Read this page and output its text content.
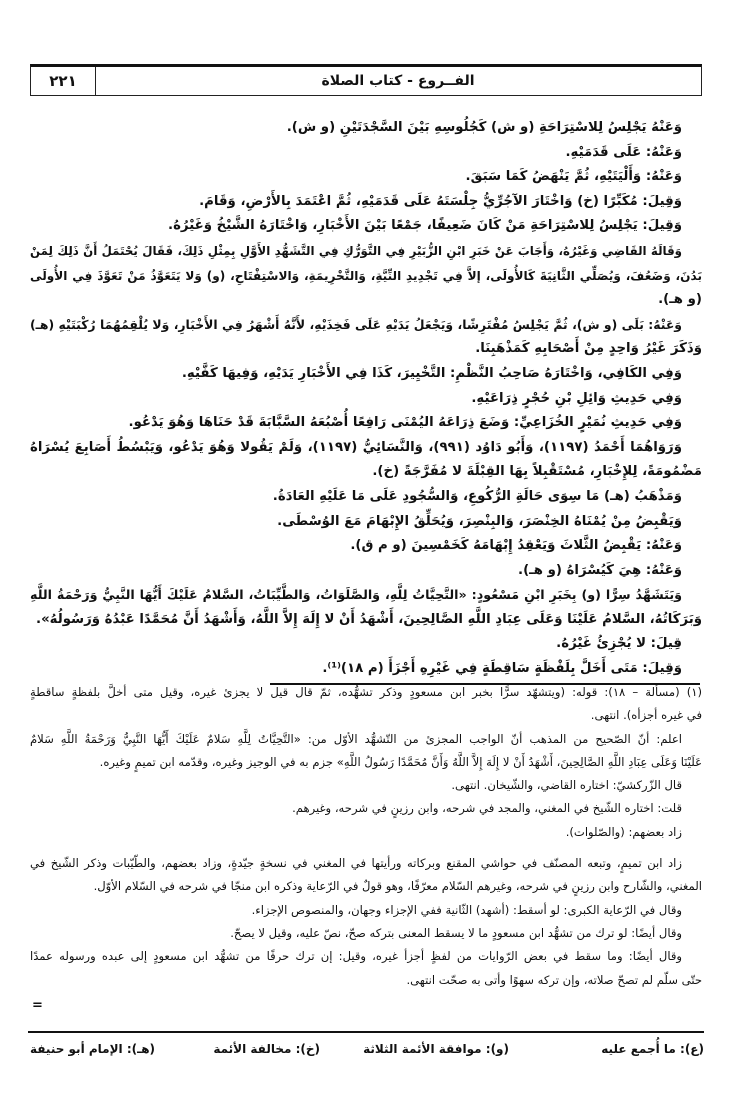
٢٢١	الفــروع - كتاب الصلاة
وَعَنْهُ يَجْلِسُ لِلاسْتِرَاحَةِ (و ش) كَجُلُوسِهِ بَيْنَ السَّجْدَتَيْنِ (و ش).
وَعَنْهُ: عَلَى قَدَمَيْهِ.
وَعَنْهُ: وَأَلْيَتَيْهِ، ثُمَّ يَنْهَضُ كَمَا سَبَقَ.
وَقِيلَ: مُكَبِّرًا (خ) وَاخْتَارَ الآجُرِّيُّ جِلْسَتَهُ عَلَى قَدَمَيْهِ، ثُمَّ اعْتَمَدَ بِالأَرْضِ، وَقَامَ.
وَقِيلَ: يَجْلِسُ لِلاسْتِرَاحَةِ مَنْ كَانَ ضَعِيفًا، جَمْعًا بَيْنَ الأَخْبَارِ، وَاخْتَارَهُ الشَّيْخُ وَغَيْرُهُ.
وَقَالَهُ القَاضِي وَغَيْرُهُ، وَأَجَابَ عَنْ خَبَرِ ابْنِ الزُّبَيْرِ فِي التَّوَرُّكِ فِي التَّشَهُّدِ الأَوَّلِ بِمِثْلِ ذَلِكَ، فَقَالَ يُحْتَمَلُ أَنَّ ذَلِكَ لِمَنْ
بَدُنَ، وَضَعُفَ، وَيُصَلِّي الثَّانِيَةَ كَالأُولَى، إلاَّ فِي تَجْدِيدِ النِّيَّةِ، وَالتَّحْرِيمَةِ، وَالاسْتِفْتَاحِ، (و) وَلا يَتَعَوَّذُ مَنْ تَعَوَّذَ فِي الأُولَى
(و هـ).
وَعَنْهُ: بَلَى (و ش)، ثُمَّ يَجْلِسُ مُفْتَرِشًا، وَيَجْعَلُ يَدَيْهِ عَلَى فَخِذَيْهِ، لأَنَّهُ أَشْهَرُ فِي الأَخْبَارِ، وَلا يُلْقِمُهُمَا رُكْبَتَيْهِ (هـ)
وَذَكَرَ غَيْرُ وَاحِدٍ مِنْ أَصْحَابِهِ كَمَذْهَبِنَا.
وَفِي الكَافِي، وَاخْتَارَهُ صَاحِبُ النَّظْمِ: التَّخْيِيرَ، كَذَا فِي الأَخْبَارِ يَدَيْهِ، وَفِيهَا كَفَّيْهِ.
وَفِي حَدِيثِ وَائِلِ بْنِ حُجْرٍ ذِرَاعَيْهِ.
وَفِي حَدِيثِ نُمَيْرٍ الخُزَاعِيِّ: وَضَعَ ذِرَاعَهُ اليُمْنَى رَافِعًا أُصْبُعَهُ السَّبَّابَةَ قَدْ حَنَاهَا وَهُوَ يَدْعُو.
وَرَوَاهُمَا أَحْمَدُ (١١٩٧)، وَأَبُو دَاوُد (٩٩١)، وَالنَّسَائِيُّ (١١٩٧)، وَلَمْ يَقُولا وَهُوَ يَدْعُو، وَيَبْسُطُ أَصَابِعَ يُسْرَاهُ
مَضْمُومَةً، لِلإِخْبَارِ، مُسْتَقْبِلاً بِهَا القِبْلَةَ لا مُفَرَّجَةً (خ).
وَمَذْهَبُ (هـ) مَا سِوَى حَالَةِ الرُّكُوعِ، وَالسُّجُودِ عَلَى مَا عَلَيْهِ العَادَةُ.
وَيَقْبِضُ مِنْ يُمْنَاهُ الخِنْصَرَ، وَالبِنْصِرَ، وَيُحَلِّقُ الإِبْهَامَ مَعَ الوُسْطَى.
وَعَنْهُ: يَقْبِضُ الثَّلاثَ وَيَعْقِدُ إِبْهَامَهُ كَخَمْسِينَ (و م ق).
وَعَنْهُ: هِيَ كَيُسْرَاهُ (و هـ).
وَيَتَشَهَّدُ سِرًّا (و) بِخَبَرِ ابْنِ مَسْعُودٍ: «التَّحِيَّاتُ لِلَّهِ، وَالصَّلَوَاتُ، وَالطَّيِّبَاتُ، السَّلامُ عَلَيْكَ أَيُّهَا النَّبِيُّ وَرَحْمَةُ اللَّهِ
وَبَرَكَاتُهُ، السَّلامُ عَلَيْنَا وَعَلَى عِبَادِ اللَّهِ الصَّالِحِينَ، أَشْهَدُ أَنْ لا إِلَهَ إِلاَّ اللَّهُ، وَأَشْهَدُ أَنَّ مُحَمَّدًا عَبْدُهُ وَرَسُولُهُ».
قِيلَ: لا يُجْزِئُ غَيْرُهُ.
وَقِيلَ: مَتَى أَخَلَّ بِلَفْظَةٍ سَاقِطَةٍ فِي غَيْرِهِ أَجْزَأَ (م ١٨)⁽¹⁾.
(١) (مسألة – ١٨): قوله: (ويتشهّد سرًّا بخبر ابن مسعودٍ وذكر تشهُّده، ثمّ قال قيل لا يجزئ غيره، وقيل متى أخلَّ بلفظةٍ ساقطةٍ
في غيره أجزأه). انتهى.
اعلم: أنّ الصّحيح من المذهب أنّ الواجب المجزئ من التّشهُّد الأوّل من: «التَّحِيَّاتُ لِلَّهِ سَلامٌ عَلَيْكَ أَيُّهَا النَّبِيُّ وَرَحْمَةُ اللَّهِ سَلامٌ
عَلَيْنَا وَعَلَى عِبَادِ اللَّهِ الصَّالِحِينَ، أَشْهَدُ أَنْ لا إِلَهَ إِلاَّ اللَّهُ وَأَنَّ مُحَمَّدًا رَسُولُ اللَّهِ» جزم به في الوجيز وغيره، وقدّمه ابن تميمٍ وغيره.
قال الزّركشيّ: اختاره القاضي، والشّيخان. انتهى.
قلت: اختاره الشّيخ في المغني، والمجد في شرحه، وابن رزينٍ في شرحه، وغيرهم.
زاد بعضهم: (والصّلوات).
زاد ابن تميمٍ، وتبعه المصنّف في حواشي المقنع وبركاته ورأيتها في المغني في نسخةٍ جيّدةٍ، وزاد بعضهم، والطّيّبات وذكر الشّيخ في
المغني، والشّارح وابن رزينٍ في شرحه، وغيرهم السّلام معرّفًا، وهو قولٌ في الرّعاية وذكره ابن منجّا في شرحه في السّلام الأوّل.
وقال في الرّعاية الكبرى: لو أسقط: (أشهد) الثّانية ففي الإجزاء وجهان، والمنصوص الإجزاء.
وقال أيضًا: لو ترك من تشهُّد ابن مسعودٍ ما لا يسقط المعنى بتركه صحّ، نصّ عليه، وقيل لا يصحّ.
وقال أيضًا: وما سقط في بعض الرّوايات من لفظٍ أجزأ غيره، وقيل: إن ترك حرفًا من تشهُّد ابن مسعودٍ إلى عبده ورسوله عمدًا
حتّى سلّم لم تصحّ صلاته، وإن تركه سهوًا وأتى به صحّت انتهى.
=
(ع): ما أُجمع عليه
(و): موافقة الأئمة الثلاثة
(خ): مخالفة الأئمة
(هـ): الإمام أبو حنيفة
